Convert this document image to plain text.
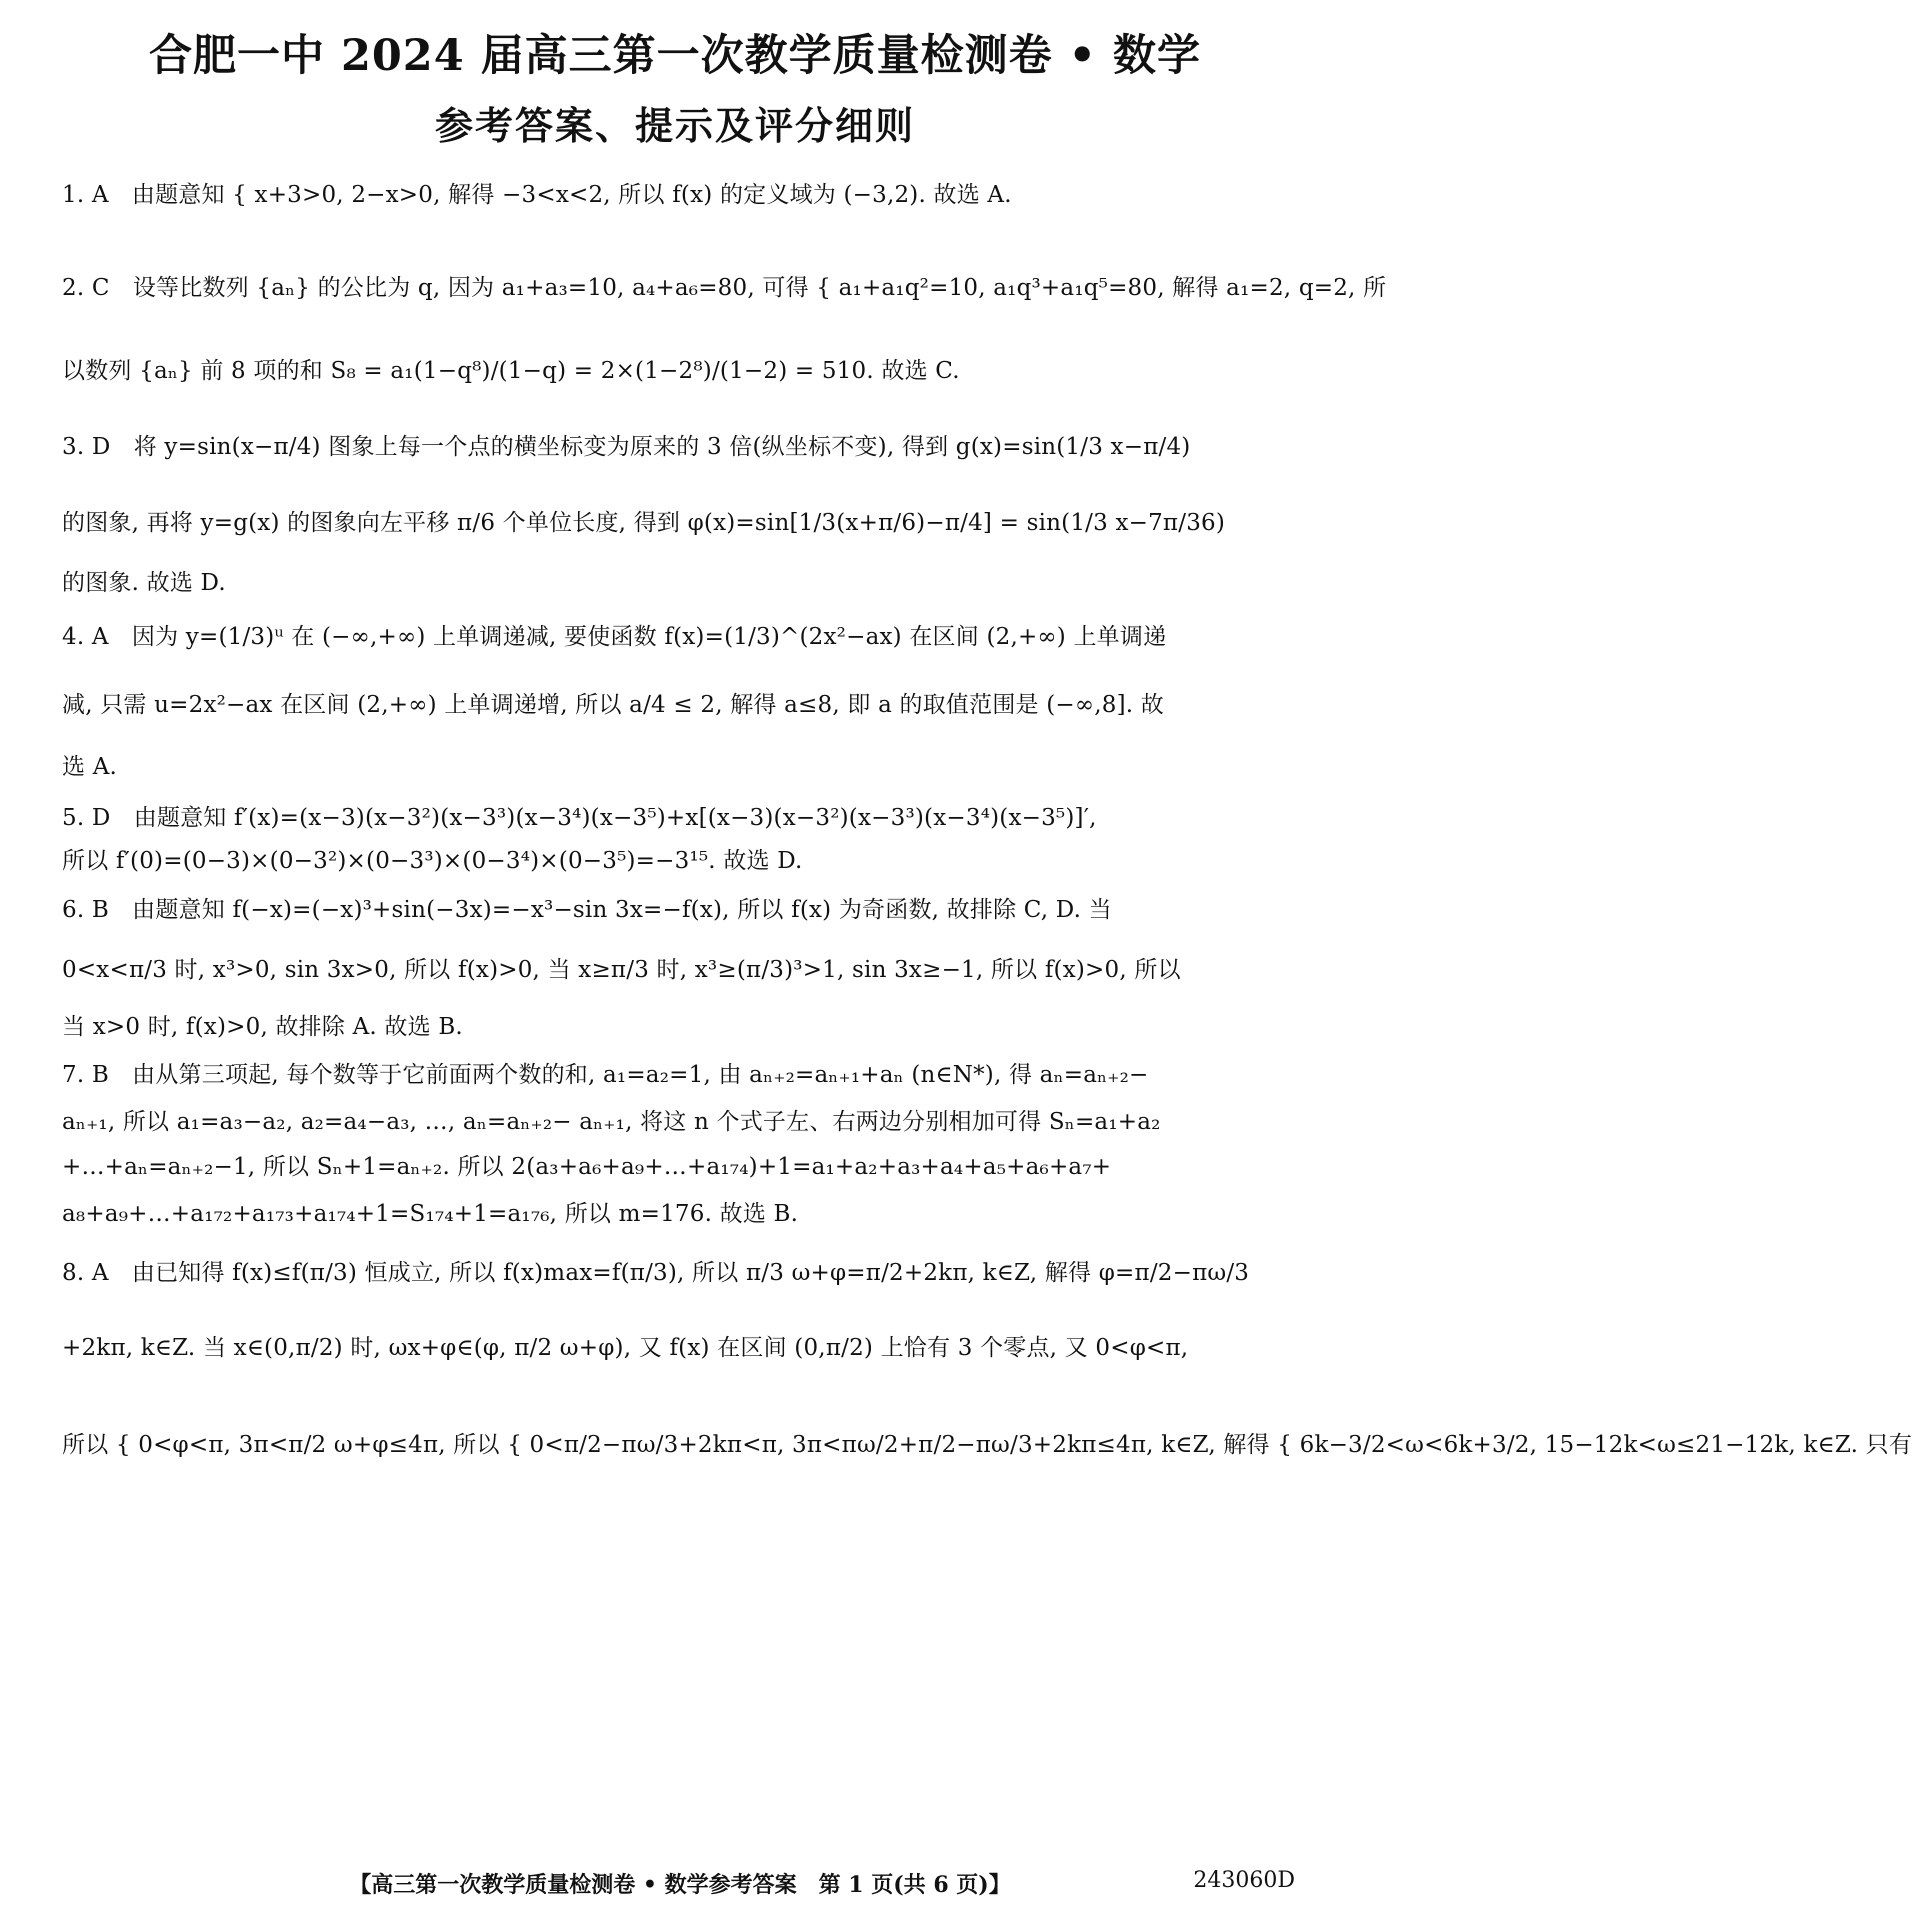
合肥一中 2024 届高三第一次教学质量检测卷 • 数学
参考答案、提示及评分细则
1. A　由题意知 { x+3>0, 2−x>0, 解得 −3<x<2, 所以 f(x) 的定义域为 (−3,2). 故选 A.
2. C　设等比数列 {aₙ} 的公比为 q, 因为 a₁+a₃=10, a₄+a₆=80, 可得 { a₁+a₁q²=10, a₁q³+a₁q⁵=80, 解得 a₁=2, q=2, 所
以数列 {aₙ} 前 8 项的和 S₈ = a₁(1−q⁸)/(1−q) = 2×(1−2⁸)/(1−2) = 510. 故选 C.
3. D　将 y=sin(x−π/4) 图象上每一个点的横坐标变为原来的 3 倍(纵坐标不变), 得到 g(x)=sin(1/3 x−π/4)
的图象, 再将 y=g(x) 的图象向左平移 π/6 个单位长度, 得到 φ(x)=sin[1/3(x+π/6)−π/4] = sin(1/3 x−7π/36)
的图象. 故选 D.
4. A　因为 y=(1/3)ᵘ 在 (−∞,+∞) 上单调递减, 要使函数 f(x)=(1/3)^(2x²−ax) 在区间 (2,+∞) 上单调递
减, 只需 u=2x²−ax 在区间 (2,+∞) 上单调递增, 所以 a/4 ≤ 2, 解得 a≤8, 即 a 的取值范围是 (−∞,8]. 故
选 A.
5. D　由题意知 f′(x)=(x−3)(x−3²)(x−3³)(x−3⁴)(x−3⁵)+x[(x−3)(x−3²)(x−3³)(x−3⁴)(x−3⁵)]′,
所以 f′(0)=(0−3)×(0−3²)×(0−3³)×(0−3⁴)×(0−3⁵)=−3¹⁵. 故选 D.
6. B　由题意知 f(−x)=(−x)³+sin(−3x)=−x³−sin 3x=−f(x), 所以 f(x) 为奇函数, 故排除 C, D. 当
0<x<π/3 时, x³>0, sin 3x>0, 所以 f(x)>0, 当 x≥π/3 时, x³≥(π/3)³>1, sin 3x≥−1, 所以 f(x)>0, 所以
当 x>0 时, f(x)>0, 故排除 A. 故选 B.
7. B　由从第三项起, 每个数等于它前面两个数的和, a₁=a₂=1, 由 aₙ₊₂=aₙ₊₁+aₙ (n∈N*), 得 aₙ=aₙ₊₂−
aₙ₊₁, 所以 a₁=a₃−a₂, a₂=a₄−a₃, …, aₙ=aₙ₊₂− aₙ₊₁, 将这 n 个式子左、右两边分别相加可得 Sₙ=a₁+a₂
+…+aₙ=aₙ₊₂−1, 所以 Sₙ+1=aₙ₊₂. 所以 2(a₃+a₆+a₉+…+a₁₇₄)+1=a₁+a₂+a₃+a₄+a₅+a₆+a₇+
a₈+a₉+…+a₁₇₂+a₁₇₃+a₁₇₄+1=S₁₇₄+1=a₁₇₆, 所以 m=176. 故选 B.
8. A　由已知得 f(x)≤f(π/3) 恒成立, 所以 f(x)max=f(π/3), 所以 π/3 ω+φ=π/2+2kπ, k∈Z, 解得 φ=π/2−πω/3
+2kπ, k∈Z. 当 x∈(0,π/2) 时, ωx+φ∈(φ, π/2 ω+φ), 又 f(x) 在区间 (0,π/2) 上恰有 3 个零点, 又 0<φ<π,
所以 { 0<φ<π, 3π<π/2 ω+φ≤4π, 所以 { 0<π/2−πω/3+2kπ<π, 3π<πω/2+π/2−πω/3+2kπ≤4π, k∈Z, 解得 { 6k−3/2<ω<6k+3/2, 15−12k<ω≤21−12k, k∈Z. 只有
【高三第一次教学质量检测卷 • 数学参考答案　第 1 页(共 6 页)】	243060D
